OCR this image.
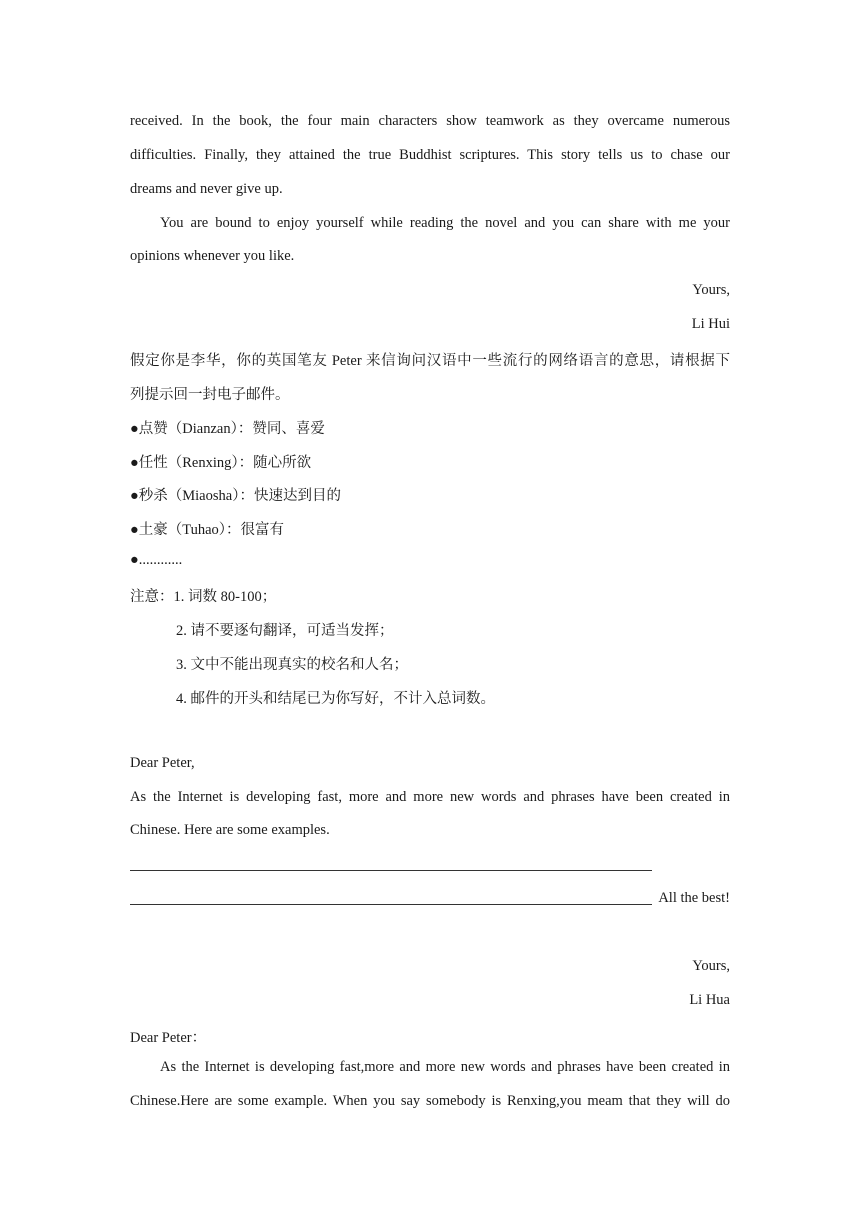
received. In the book, the four main characters show teamwork as they overcame numerous
difficulties. Finally, they attained the true Buddhist scriptures. This story tells us to chase our
dreams and never give up.
You are bound to enjoy yourself while reading the novel and you can share with me your
opinions whenever you like.
Yours,
Li Hui
假定你是李华，你的英国笔友 Peter 来信询问汉语中一些流行的网络语言的意思，请根据下
列提示回一封电子邮件。
●点赞（Dianzan）：赞同、喜爱
●任性（Renxing）：随心所欲
●秒杀（Miaosha）：快速达到目的
●土豪（Tuhao）：很富有
●............
注意：1. 词数 80-100；
2. 请不要逐句翻译，可适当发挥；
3. 文中不能出现真实的校名和人名；
4. 邮件的开头和结尾已为你写好，不计入总词数。
Dear Peter,
As the Internet is developing fast, more and more new words and phrases have been created in
Chinese. Here are some examples.
All the best!
Yours,
Li Hua
Dear Peter：
As the Internet is developing fast,more and more new words and phrases have been created in
Chinese.Here are some example. When you say somebody is Renxing,you meam that they will do
